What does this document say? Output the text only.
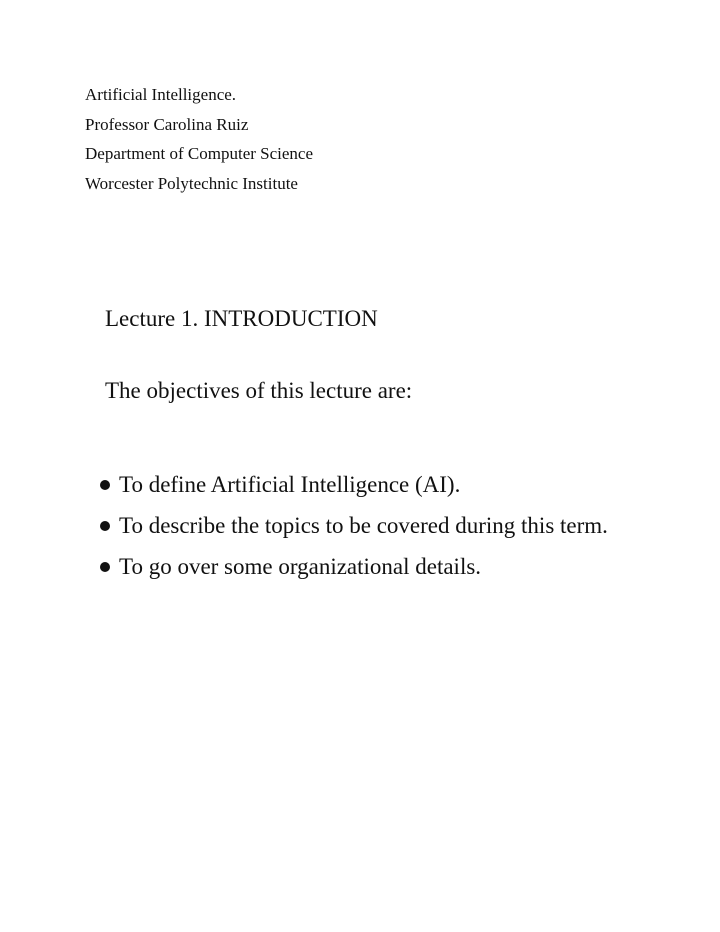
Artificial Intelligence.
Professor Carolina Ruiz
Department of Computer Science
Worcester Polytechnic Institute
Lecture 1. INTRODUCTION
The objectives of this lecture are:
To define Artificial Intelligence (AI).
To describe the topics to be covered during this term.
To go over some organizational details.
